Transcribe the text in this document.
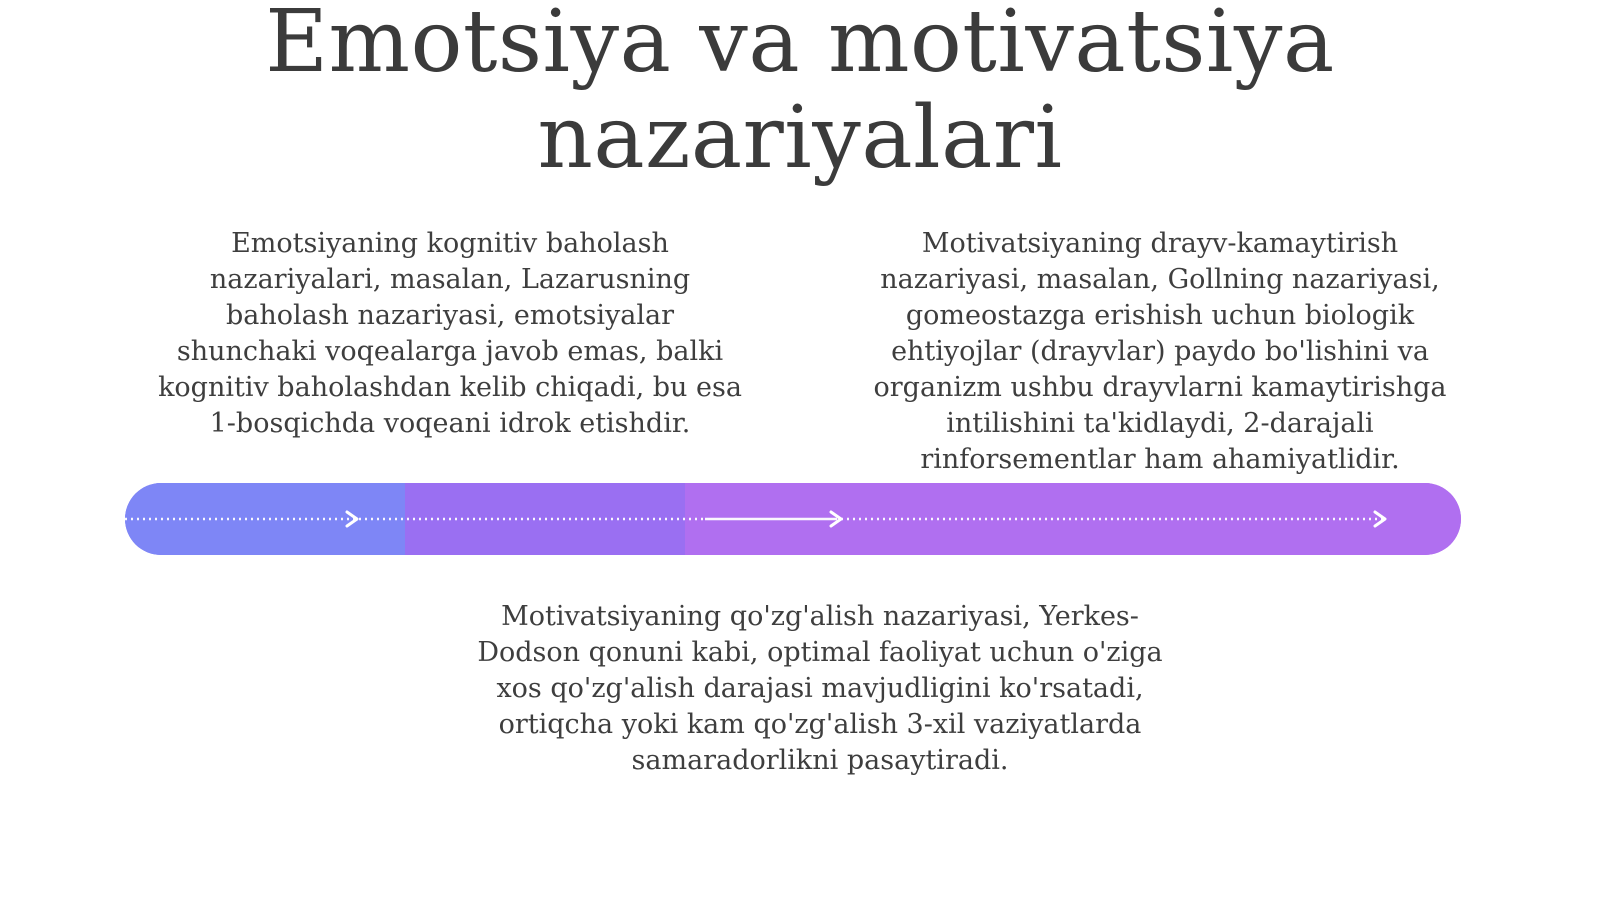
Emotsiya va motivatsiya nazariyalari
Emotsiyaning kognitiv baholash nazariyalari, masalan, Lazarusning baholash nazariyasi, emotsiyalar shunchaki voqealarga javob emas, balki kognitiv baholashdan kelib chiqadi, bu esa 1-bosqichda voqeani idrok etishdir.
Motivatsiyaning drayv-kamaytirish nazariyasi, masalan, Gollning nazariyasi, gomeostazga erishish uchun biologik ehtiyojlar (drayvlar) paydo bo'lishini va organizm ushbu drayvlarni kamaytirishga intilishini ta'kidlaydi, 2-darajali rinforsementlar ham ahamiyatlidir.
Motivatsiyaning qo'zg'alish nazariyasi, Yerkes-Dodson qonuni kabi, optimal faoliyat uchun o'ziga xos qo'zg'alish darajasi mavjudligini ko'rsatadi, ortiqcha yoki kam qo'zg'alish 3-xil vaziyatlarda samaradorlikni pasaytiradi.
